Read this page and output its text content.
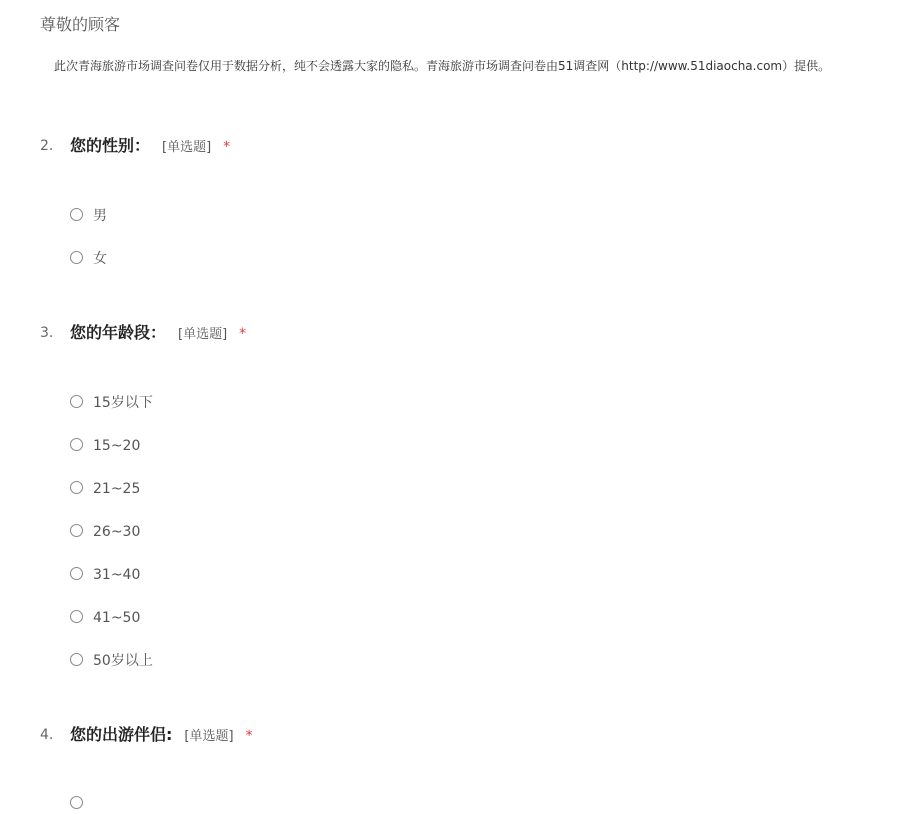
尊敬的顾客
此次青海旅游市场调查问卷仅用于数据分析，纯不会透露大家的隐私。青海旅游市场调查问卷由51调查网（http://www.51diaocha.com）提供。
2. 您的性别： [单选题] *
男
女
3. 您的年龄段： [单选题] *
15岁以下
15~20
21~25
26~30
31~40
41~50
50岁以上
4. 您的出游伴侣: [单选题] *
